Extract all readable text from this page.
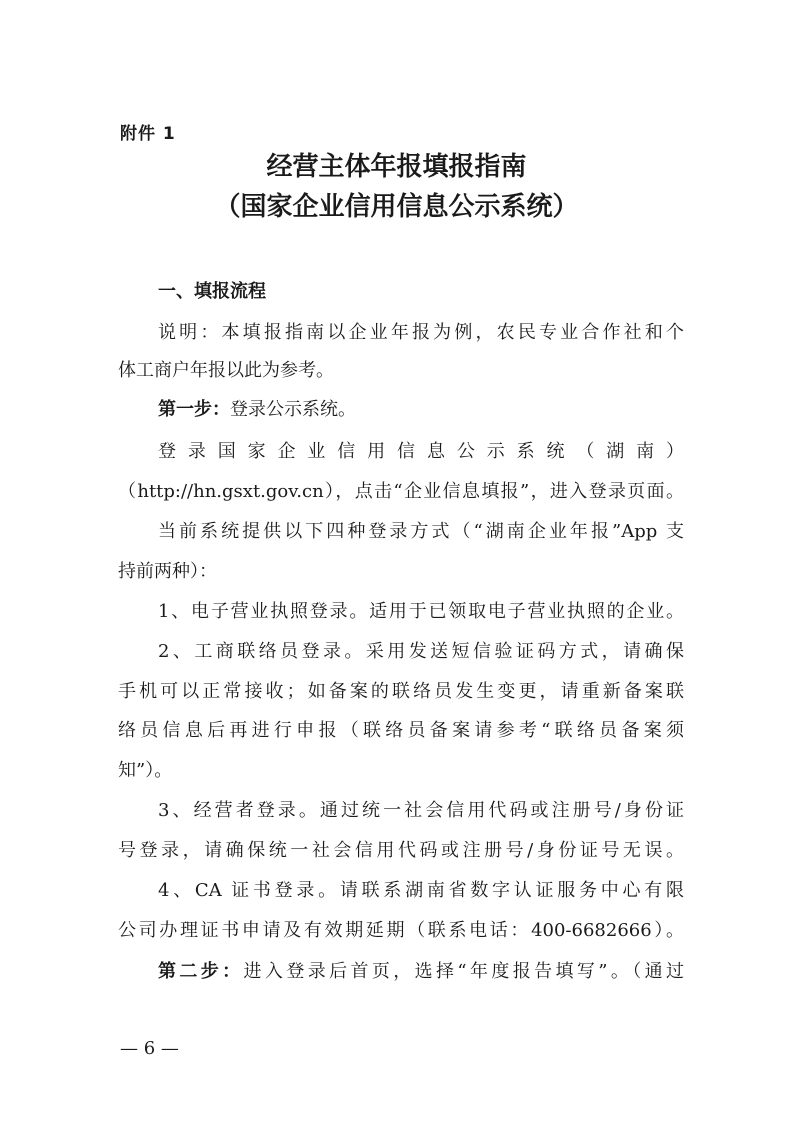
附件 1
经营主体年报填报指南
（国家企业信用信息公示系统）
一、填报流程
说明：本填报指南以企业年报为例，农民专业合作社和个
体工商户年报以此为参考。
第一步：登录公示系统。
登录国家企业信用信息公示系统（湖南）
（http://hn.gsxt.gov.cn），点击“企业信息填报”，进入登录页面。
当前系统提供以下四种登录方式（“湖南企业年报”App 支
持前两种）：
1、电子营业执照登录。适用于已领取电子营业执照的企业。
2、工商联络员登录。采用发送短信验证码方式，请确保
手机可以正常接收；如备案的联络员发生变更，请重新备案联
络员信息后再进行申报（联络员备案请参考“联络员备案须
知”）。
3、经营者登录。通过统一社会信用代码或注册号/身份证
号登录，请确保统一社会信用代码或注册号/身份证号无误。
4、CA 证书登录。请联系湖南省数字认证服务中心有限
公司办理证书申请及有效期延期（联系电话：400-6682666）。
第二步：进入登录后首页，选择“年度报告填写”。（通过
— 6 —
